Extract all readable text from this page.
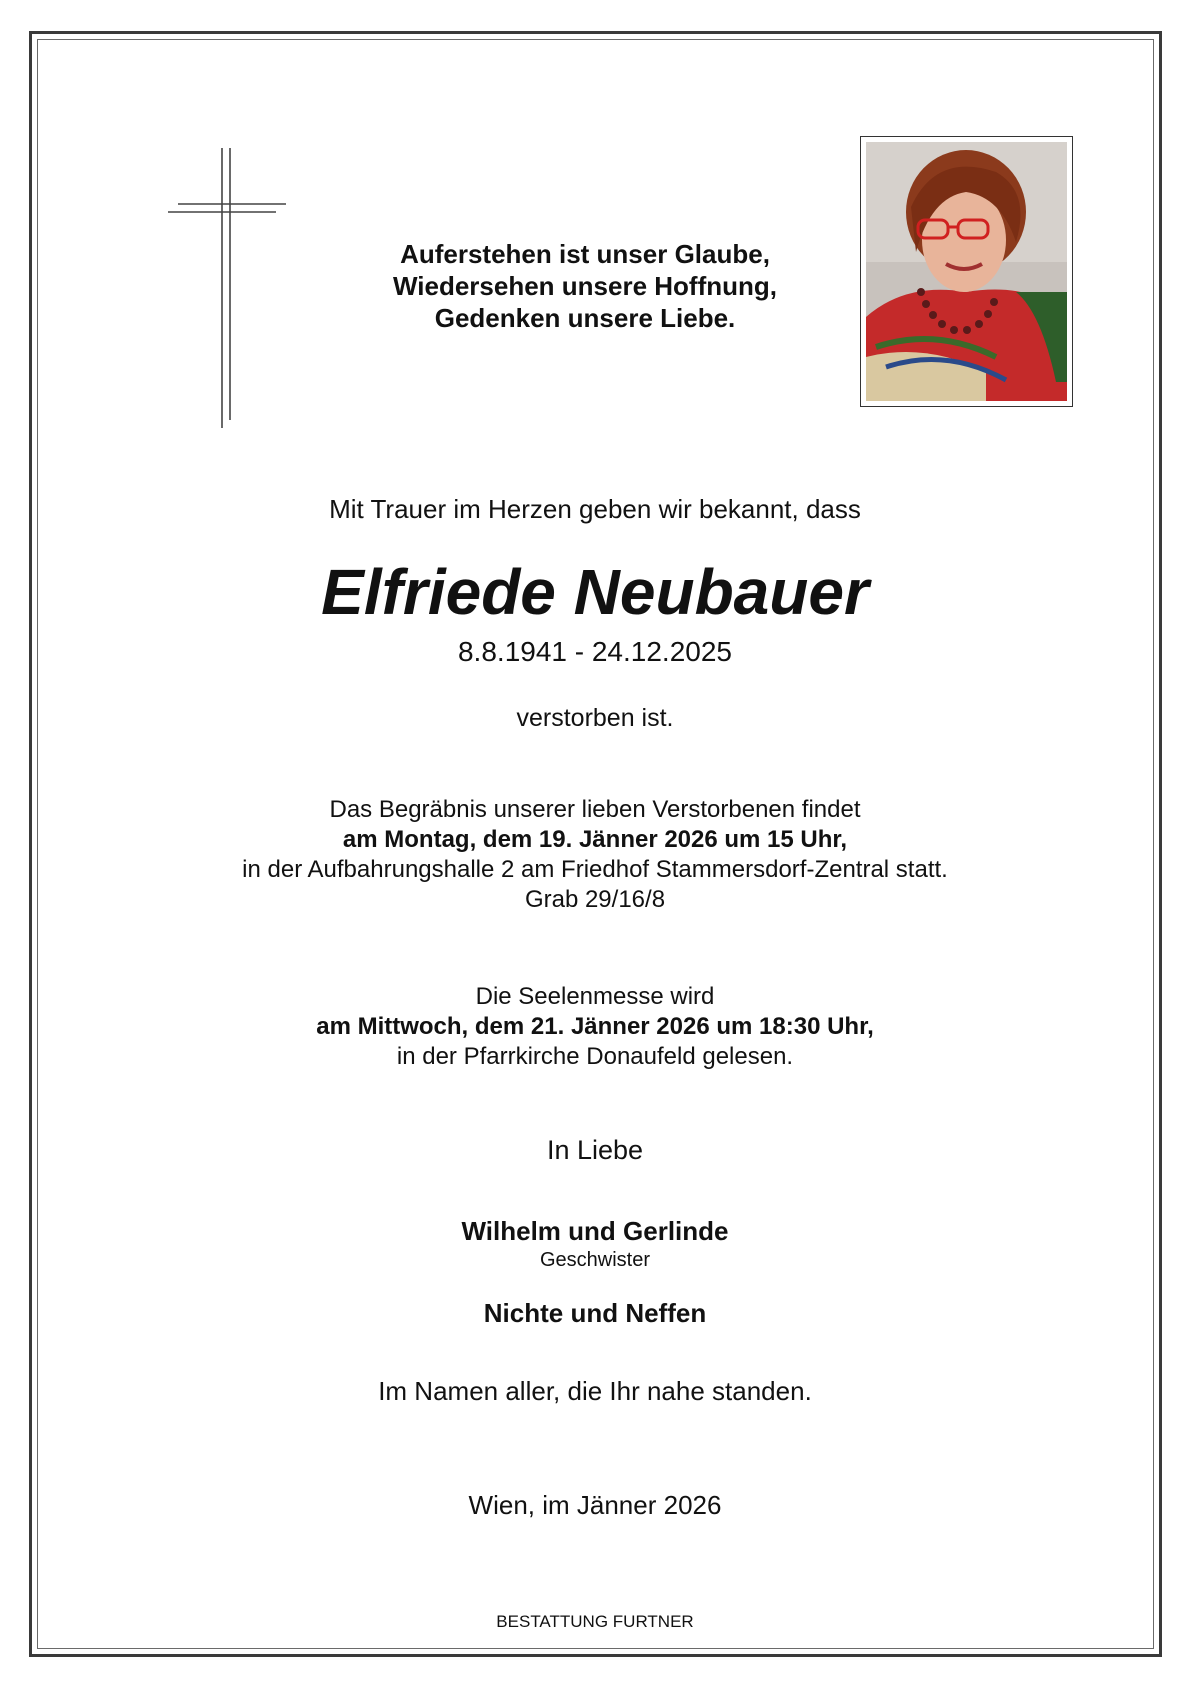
Auferstehen ist unser Glaube,
Wiedersehen unsere Hoffnung,
Gedenken unsere Liebe.
Mit Trauer im Herzen geben wir bekannt, dass
Elfriede Neubauer
8.8.1941 - 24.12.2025
verstorben ist.
Das Begräbnis unserer lieben Verstorbenen findet
am Montag, dem 19. Jänner 2026 um 15 Uhr,
in der Aufbahrungshalle 2 am Friedhof Stammersdorf-Zentral statt.
Grab 29/16/8
Die Seelenmesse wird
am Mittwoch, dem 21. Jänner 2026 um 18:30 Uhr,
in der Pfarrkirche Donaufeld gelesen.
In Liebe
Wilhelm und Gerlinde
Geschwister
Nichte und Neffen
Im Namen aller, die Ihr nahe standen.
Wien, im Jänner 2026
BESTATTUNG FURTNER
